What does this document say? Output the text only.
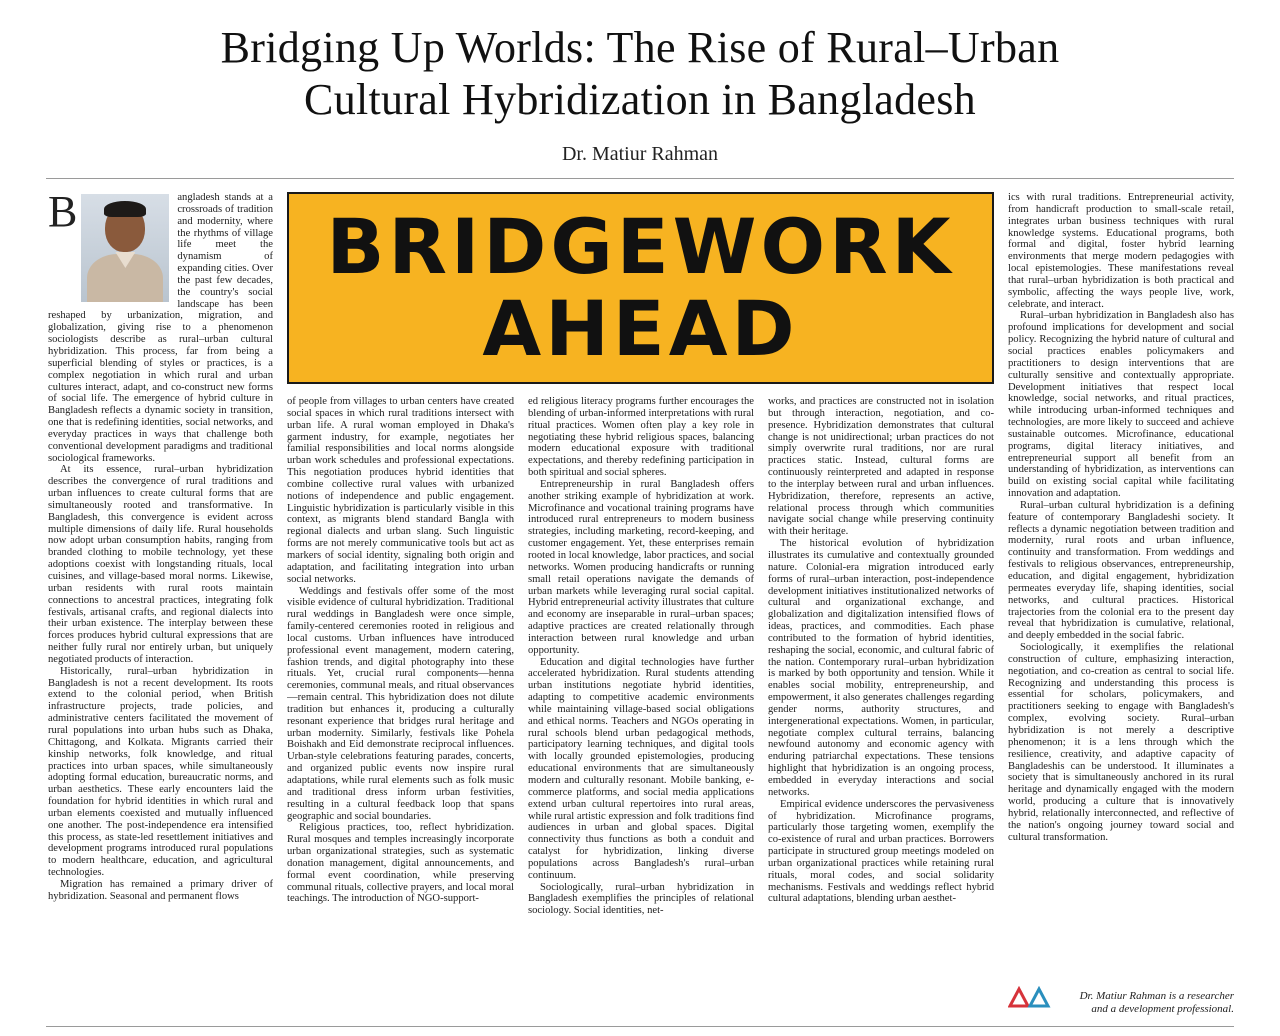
Bridging Up Worlds: The Rise of Rural–Urban
Cultural Hybridization in Bangladesh
Dr. Matiur Rahman
B	angladesh stands at a crossroads of tradition and modernity, where the rhythms of village life meet the dynamism of expanding cities. Over the past few decades, the country's social landscape has been reshaped by urbanization, migration, and globalization, giving rise to a phenomenon sociologists describe as rural–urban cultural hybridization. This process, far from being a superficial blending of styles or practices, is a complex negotiation in which rural and urban cultures interact, adapt, and co-construct new forms of social life. The emergence of hybrid culture in Bangladesh reflects a dynamic society in transition, one that is redefining identities, social networks, and everyday practices in ways that challenge both conventional development paradigms and traditional sociological frameworks.

At its essence, rural–urban hybridization describes the convergence of rural traditions and urban influences to create cultural forms that are simultaneously rooted and transformative. In Bangladesh, this convergence is evident across multiple dimensions of daily life. Rural households now adopt urban consumption habits, ranging from branded clothing to mobile technology, yet these adoptions coexist with longstanding rituals, local cuisines, and village-based moral norms. Likewise, urban residents with rural roots maintain connections to ancestral practices, integrating folk festivals, artisanal crafts, and regional dialects into their urban existence. The interplay between these forces produces hybrid cultural expressions that are neither fully rural nor entirely urban, but uniquely negotiated products of interaction.

Historically, rural–urban hybridization in Bangladesh is not a recent development. Its roots extend to the colonial period, when British infrastructure projects, trade policies, and administrative centers facilitated the movement of rural populations into urban hubs such as Dhaka, Chittagong, and Kolkata. Migrants carried their kinship networks, folk knowledge, and ritual practices into urban spaces, while simultaneously adopting formal education, bureaucratic norms, and urban aesthetics. These early encounters laid the foundation for hybrid identities in which rural and urban elements coexisted and mutually influenced one another. The post-independence era intensified this process, as state-led resettlement initiatives and development programs introduced rural populations to modern healthcare, education, and agricultural technologies.

Migration has remained a primary driver of hybridization. Seasonal and permanent flows

BRIDGEWORK
AHEAD

of people from villages to urban centers have created social spaces in which rural traditions intersect with urban life. A rural woman employed in Dhaka's garment industry, for example, negotiates her familial responsibilities and local norms alongside urban work schedules and professional expectations. This negotiation produces hybrid identities that combine collective rural values with urbanized notions of independence and public engagement. Linguistic hybridization is particularly visible in this context, as migrants blend standard Bangla with regional dialects and urban slang. Such linguistic forms are not merely communicative tools but act as markers of social identity, signaling both origin and adaptation, and facilitating integration into urban social networks.

Weddings and festivals offer some of the most visible evidence of cultural hybridization. Traditional rural weddings in Bangladesh were once simple, family-centered ceremonies rooted in religious and local customs. Urban influences have introduced professional event management, modern catering, fashion trends, and digital photography into these rituals. Yet, crucial rural components—henna ceremonies, communal meals, and ritual observances—remain central. This hybridization does not dilute tradition but enhances it, producing a culturally resonant experience that bridges rural heritage and urban modernity. Similarly, festivals like Pohela Boishakh and Eid demonstrate reciprocal influences. Urban-style celebrations featuring parades, concerts, and organized public events now inspire rural adaptations, while rural elements such as folk music and traditional dress inform urban festivities, resulting in a cultural feedback loop that spans geographic and social boundaries.

Religious practices, too, reflect hybridization. Rural mosques and temples increasingly incorporate urban organizational strategies, such as systematic donation management, digital announcements, and formal event coordination, while preserving communal rituals, collective prayers, and local moral teachings. The introduction of NGO-support-

ed religious literacy programs further encourages the blending of urban-informed interpretations with rural ritual practices. Women often play a key role in negotiating these hybrid religious spaces, balancing modern educational exposure with traditional expectations, and thereby redefining participation in both spiritual and social spheres.

Entrepreneurship in rural Bangladesh offers another striking example of hybridization at work. Microfinance and vocational training programs have introduced rural entrepreneurs to modern business strategies, including marketing, record-keeping, and customer engagement. Yet, these enterprises remain rooted in local knowledge, labor practices, and social networks. Women producing handicrafts or running small retail operations navigate the demands of urban markets while leveraging rural social capital. Hybrid entrepreneurial activity illustrates that culture and economy are inseparable in rural–urban spaces; adaptive practices are created relationally through interaction between rural knowledge and urban opportunity.

Education and digital technologies have further accelerated hybridization. Rural students attending urban institutions negotiate hybrid identities, adapting to competitive academic environments while maintaining village-based social obligations and ethical norms. Teachers and NGOs operating in rural schools blend urban pedagogical methods, participatory learning techniques, and digital tools with locally grounded epistemologies, producing educational environments that are simultaneously modern and culturally resonant. Mobile banking, e-commerce platforms, and social media applications extend urban cultural repertoires into rural areas, while rural artistic expression and folk traditions find audiences in urban and global spaces. Digital connectivity thus functions as both a conduit and catalyst for hybridization, linking diverse populations across Bangladesh's rural–urban continuum.

Sociologically, rural–urban hybridization in Bangladesh exemplifies the principles of relational sociology. Social identities, net-

works, and practices are constructed not in isolation but through interaction, negotiation, and co-presence. Hybridization demonstrates that cultural change is not unidirectional; urban practices do not simply overwrite rural traditions, nor are rural practices static. Instead, cultural forms are continuously reinterpreted and adapted in response to the interplay between rural and urban influences. Hybridization, therefore, represents an active, relational process through which communities navigate social change while preserving continuity with their heritage.

The historical evolution of hybridization illustrates its cumulative and contextually grounded nature. Colonial-era migration introduced early forms of rural–urban interaction, post-independence development initiatives institutionalized networks of cultural and organizational exchange, and globalization and digitalization intensified flows of ideas, practices, and commodities. Each phase contributed to the formation of hybrid identities, reshaping the social, economic, and cultural fabric of the nation. Contemporary rural–urban hybridization is marked by both opportunity and tension. While it enables social mobility, entrepreneurship, and empowerment, it also generates challenges regarding gender norms, authority structures, and intergenerational expectations. Women, in particular, negotiate complex cultural terrains, balancing newfound autonomy and economic agency with enduring patriarchal expectations. These tensions highlight that hybridization is an ongoing process, embedded in everyday interactions and social networks.

Empirical evidence underscores the pervasiveness of hybridization. Microfinance programs, particularly those targeting women, exemplify the co-existence of rural and urban practices. Borrowers participate in structured group meetings modeled on urban organizational practices while retaining rural rituals, moral codes, and social solidarity mechanisms. Festivals and weddings reflect hybrid cultural adaptations, blending urban aesthet-

ics with rural traditions. Entrepreneurial activity, from handicraft production to small-scale retail, integrates urban business techniques with rural knowledge systems. Educational programs, both formal and digital, foster hybrid learning environments that merge modern pedagogies with local epistemologies. These manifestations reveal that rural–urban hybridization is both practical and symbolic, affecting the ways people live, work, celebrate, and interact.

Rural–urban hybridization in Bangladesh also has profound implications for development and social policy. Recognizing the hybrid nature of cultural and social practices enables policymakers and practitioners to design interventions that are culturally sensitive and contextually appropriate. Development initiatives that respect local knowledge, social networks, and ritual practices, while introducing urban-informed techniques and technologies, are more likely to succeed and achieve sustainable outcomes. Microfinance, educational programs, digital literacy initiatives, and entrepreneurial support all benefit from an understanding of hybridization, as interventions can build on existing social capital while facilitating innovation and adaptation.

Rural–urban cultural hybridization is a defining feature of contemporary Bangladeshi society. It reflects a dynamic negotiation between tradition and modernity, rural roots and urban influence, continuity and transformation. From weddings and festivals to religious observances, entrepreneurship, education, and digital engagement, hybridization permeates everyday life, shaping identities, social networks, and cultural practices. Historical trajectories from the colonial era to the present day reveal that hybridization is cumulative, relational, and deeply embedded in the social fabric.

Sociologically, it exemplifies the relational construction of culture, emphasizing interaction, negotiation, and co-creation as central to social life. Recognizing and understanding this process is essential for scholars, policymakers, and practitioners seeking to engage with Bangladesh's complex, evolving society. Rural–urban hybridization is not merely a descriptive phenomenon; it is a lens through which the resilience, creativity, and adaptive capacity of Bangladeshis can be understood. It illuminates a society that is simultaneously anchored in its rural heritage and dynamically engaged with the modern world, producing a culture that is innovatively hybrid, relationally interconnected, and reflective of the nation's ongoing journey toward social and cultural transformation.

Dr. Matiur Rahman is a researcher
and a development professional.
